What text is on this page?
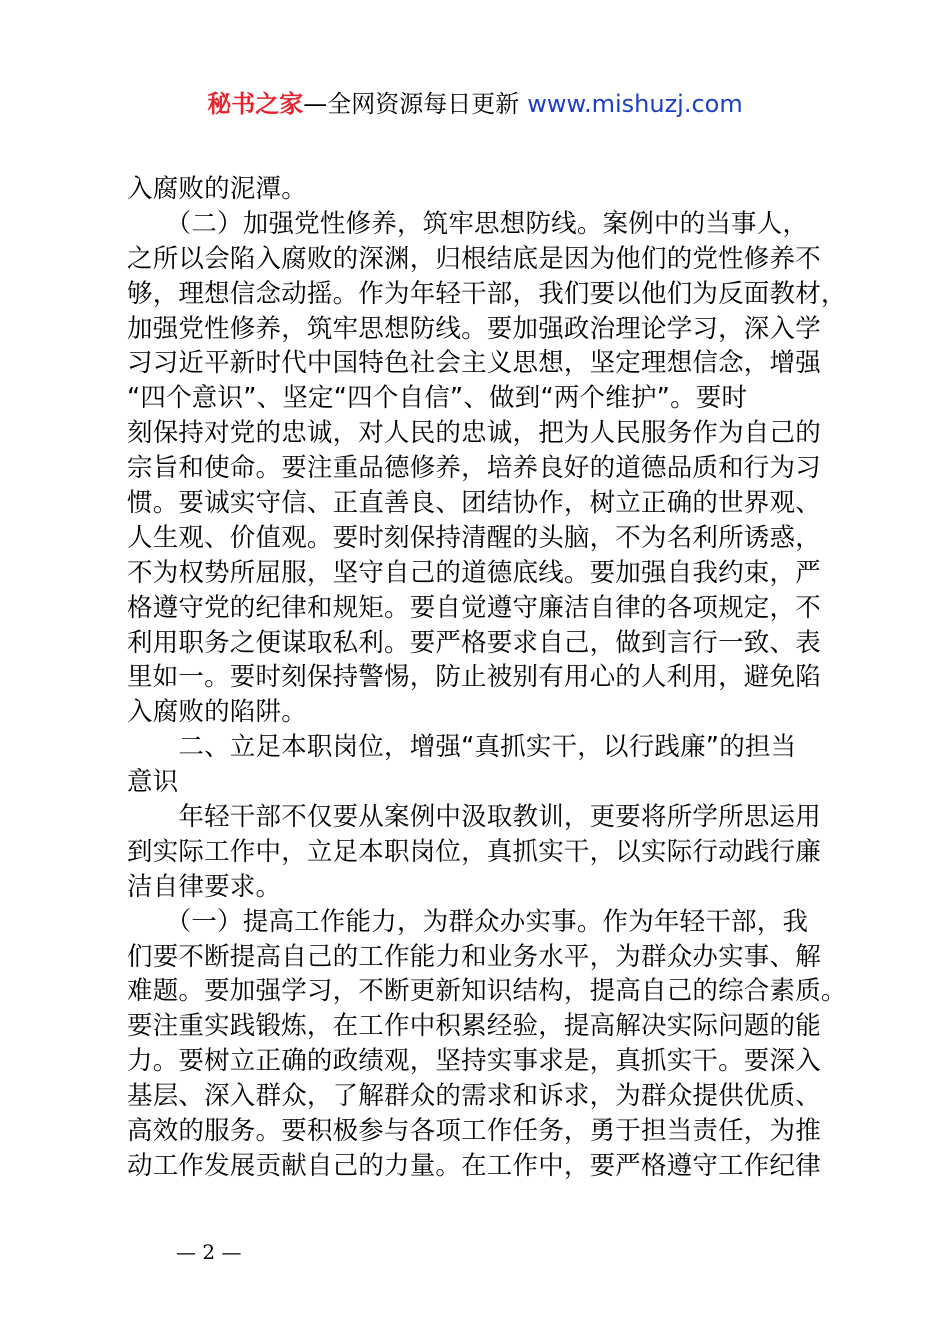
秘书之家—全网资源每日更新 www.mishuzj.com
入腐败的泥潭。
　　（二）加强党性修养，筑牢思想防线。案例中的当事人，
之所以会陷入腐败的深渊，归根结底是因为他们的党性修养不
够，理想信念动摇。作为年轻干部，我们要以他们为反面教材，
加强党性修养，筑牢思想防线。要加强政治理论学习，深入学
习习近平新时代中国特色社会主义思想，坚定理想信念，增强
“四个意识”、坚定“四个自信”、做到“两个维护”。要时
刻保持对党的忠诚，对人民的忠诚，把为人民服务作为自己的
宗旨和使命。要注重品德修养，培养良好的道德品质和行为习
惯。要诚实守信、正直善良、团结协作，树立正确的世界观、
人生观、价值观。要时刻保持清醒的头脑，不为名利所诱惑，
不为权势所屈服，坚守自己的道德底线。要加强自我约束，严
格遵守党的纪律和规矩。要自觉遵守廉洁自律的各项规定，不
利用职务之便谋取私利。要严格要求自己，做到言行一致、表
里如一。要时刻保持警惕，防止被别有用心的人利用，避免陷
入腐败的陷阱。
　　二、立足本职岗位，增强“真抓实干，以行践廉”的担当
意识
　　年轻干部不仅要从案例中汲取教训，更要将所学所思运用
到实际工作中，立足本职岗位，真抓实干，以实际行动践行廉
洁自律要求。
　　（一）提高工作能力，为群众办实事。作为年轻干部，我
们要不断提高自己的工作能力和业务水平，为群众办实事、解
难题。要加强学习，不断更新知识结构，提高自己的综合素质。
要注重实践锻炼，在工作中积累经验，提高解决实际问题的能
力。要树立正确的政绩观，坚持实事求是，真抓实干。要深入
基层、深入群众，了解群众的需求和诉求，为群众提供优质、
高效的服务。要积极参与各项工作任务，勇于担当责任，为推
动工作发展贡献自己的力量。在工作中，要严格遵守工作纪律
— 2 —
